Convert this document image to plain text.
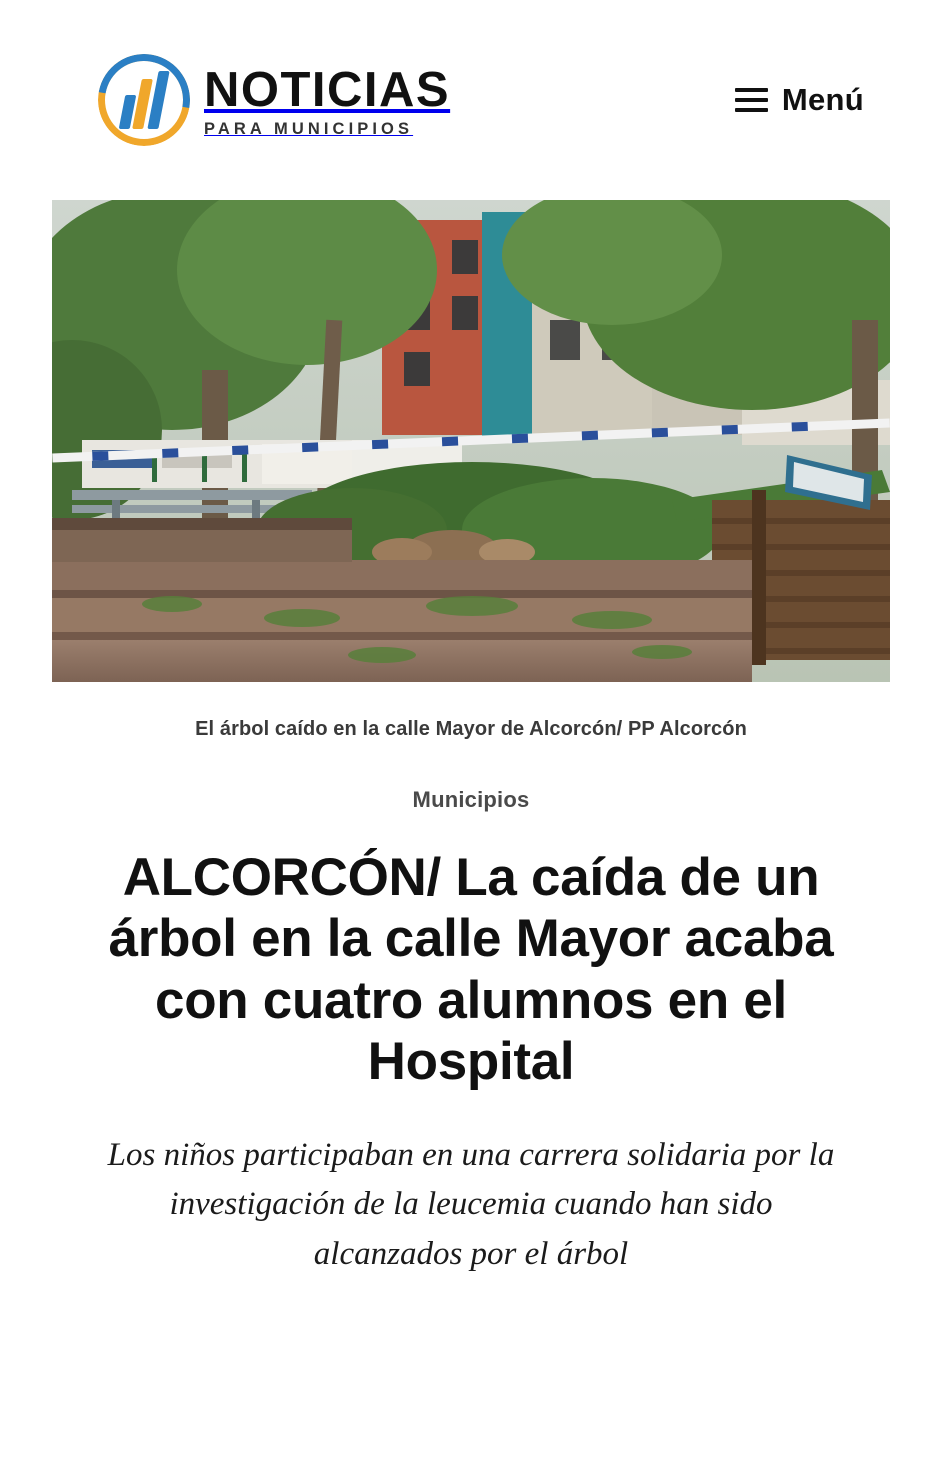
NOTICIAS
PARA MUNICIPIOS
Menú
El árbol caído en la calle Mayor de Alcorcón/ PP Alcorcón
Municipios
ALCORCÓN/ La caída de un árbol en la calle Mayor acaba con cuatro alumnos en el Hospital

Los niños participaban en una carrera solidaria por la investigación de la leucemia cuando han sido alcanzados por el árbol
